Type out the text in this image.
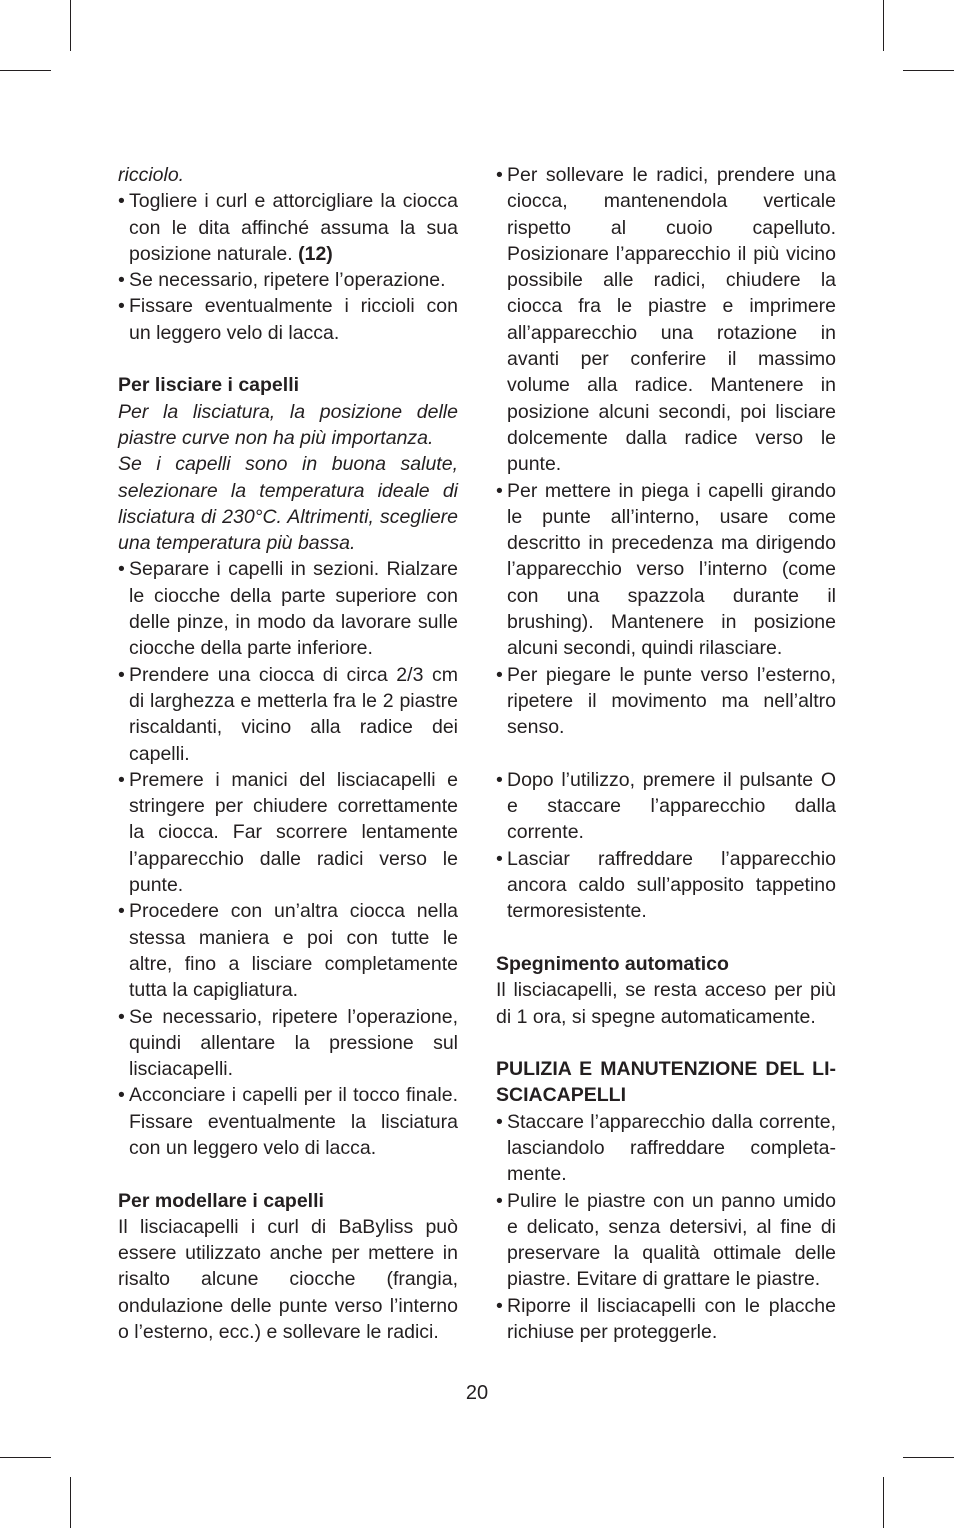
ricciolo.

• Togliere i curl e attorcigliare la ciocca con le dita affinché assuma la sua posizione naturale. (12)

• Se necessario, ripetere l’operazione.

• Fissare eventualmente i riccioli con un leggero velo di lacca.

Per lisciare i capelli

Per la lisciatura, la posizione delle piastre curve non ha più importanza.

Se i capelli sono in buona salute, selezionare la temperatura ideale di lisciatura di 230°C. Altrimenti, scegliere una temperatura più bassa.

• Separare i capelli in sezioni. Rialzare le ciocche della parte superiore con delle pinze, in modo da lavorare sulle ciocche della parte inferiore.

• Prendere una ciocca di circa 2/3 cm di larghezza e metterla fra le 2 piastre riscaldanti, vicino alla radice dei capelli.

• Premere i manici del lisciacapelli e stringere per chiudere correttamente la ciocca. Far scorrere lentamente l’apparecchio dalle radici verso le punte.

• Procedere con un’altra ciocca nella stessa maniera e poi con tutte le altre, fino a lisciare completamente tutta la capigliatura.

• Se necessario, ripetere l’operazione, quindi allentare la pressione sul lisciacapelli.

• Acconciare i capelli per il tocco finale. Fissare eventualmente la lisciatura con un leggero velo di lacca.

Per modellare i capelli

Il lisciacapelli i curl di BaByliss può essere utilizzato anche per mettere in risalto alcune ciocche (frangia, ondulazione delle punte verso l’interno o l’esterno, ecc.) e sollevare le radici.

• Per sollevare le radici, prendere una ciocca, mantenendola verticale rispetto al cuoio capelluto. Posizionare l’apparecchio il più vicino possibile alle radici, chiudere la ciocca fra le piastre e imprimere all’apparecchio una rotazione in avanti per conferire il massimo volume alla radice. Mantenere in posizione alcuni secondi, poi lisciare dolcemente dalla radice verso le punte.

• Per mettere in piega i capelli girando le punte all’interno, usare come descritto in precedenza ma dirigendo l’apparecchio verso l’interno (come con una spazzola durante il brushing). Mantenere in posizione alcuni secondi, quindi rilasciare.

• Per piegare le punte verso l’esterno, ripetere il movimento ma nell’altro senso.

• Dopo l’utilizzo, premere il pulsante O e staccare l’apparecchio dalla corrente.

• Lasciar raffreddare l’apparecchio ancora caldo sull’apposito tappetino termoresistente.

Spegnimento automatico

Il lisciacapelli, se resta acceso per più di 1 ora, si spegne automaticamente.

PULIZIA E MANUTENZIONE DEL LI-SCIACAPELLI

• Staccare l’apparecchio dalla corrente, lasciandolo raffreddare completa-mente.

• Pulire le piastre con un panno umido e delicato, senza detersivi, al fine di preservare la qualità ottimale delle piastre. Evitare di grattare le piastre.

• Riporre il lisciacapelli con le placche richiuse per proteggerle.

20
